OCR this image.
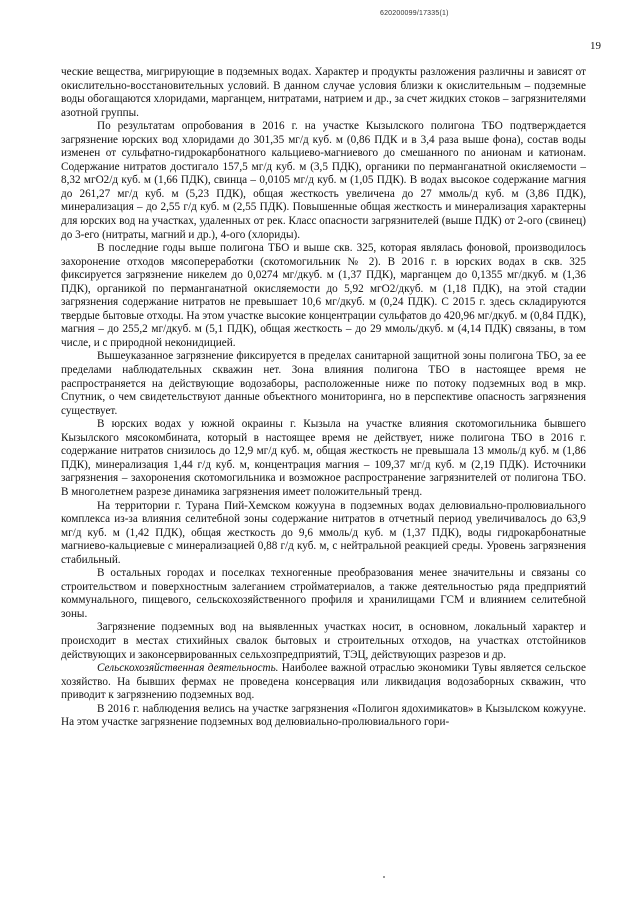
620200099/17335(1)
19

ческие вещества, мигрирующие в подземных водах. Характер и продукты разложения различны и зависят от окислительно-восстановительных условий. В данном случае условия близки к окислительным – подземные воды обогащаются хлоридами, марганцем, нитратами, натрием и др., за счет жидких стоков – загрязнителями азотной группы.

По результатам опробования в 2016 г. на участке Кызылского полигона ТБО подтверждается загрязнение юрских вод хлоридами до 301,35 мг/д куб. м (0,86 ПДК и в 3,4 раза выше фона), состав воды изменен от сульфатно-гидрокарбонатного кальциево-магниевого до смешанного по анионам и катионам. Содержание нитратов достигало 157,5 мг/д куб. м (3,5 ПДК), органики по перманганатной окисляемости – 8,32 мгО2/д куб. м (1,66 ПДК), свинца – 0,0105 мг/д куб. м (1,05 ПДК). В водах высокое содержание магния до 261,27 мг/д куб. м (5,23 ПДК), общая жесткость увеличена до 27 ммоль/д куб. м (3,86 ПДК), минерализация – до 2,55 г/д куб. м (2,55 ПДК). Повышенные общая жесткость и минерализация характерны для юрских вод на участках, удаленных от рек. Класс опасности загрязнителей (выше ПДК) от 2-ого (свинец) до 3-его (нитраты, магний и др.), 4-ого (хлориды).

В последние годы выше полигона ТБО и выше скв. 325, которая являлась фоновой, производилось захоронение отходов мясопереработки (скотомогильник № 2). В 2016 г. в юрских водах в скв. 325 фиксируется загрязнение никелем до 0,0274 мг/дкуб. м (1,37 ПДК), марганцем до 0,1355 мг/дкуб. м (1,36 ПДК), органикой по перманганатной окисляемости до 5,92 мгО2/дкуб. м (1,18 ПДК), на этой стадии загрязнения содержание нитратов не превышает 10,6 мг/дкуб. м (0,24 ПДК). С 2015 г. здесь складируются твердые бытовые отходы. На этом участке высокие концентрации сульфатов до 420,96 мг/дкуб. м (0,84 ПДК), магния – до 255,2 мг/дкуб. м (5,1 ПДК), общая жесткость – до 29 ммоль/дкуб. м (4,14 ПДК) связаны, в том числе, и с природной неконидицией.

Вышеуказанное загрязнение фиксируется в пределах санитарной защитной зоны полигона ТБО, за ее пределами наблюдательных скважин нет. Зона влияния полигона ТБО в настоящее время не распространяется на действующие водозаборы, расположенные ниже по потоку подземных вод в мкр. Спутник, о чем свидетельствуют данные объектного мониторинга, но в перспективе опасность загрязнения существует.

В юрских водах у южной окраины г. Кызыла на участке влияния скотомогильника бывшего Кызылского мясокомбината, который в настоящее время не действует, ниже полигона ТБО в 2016 г. содержание нитратов снизилось до 12,9 мг/д куб. м, общая жесткость не превышала 13 ммоль/д куб. м (1,86 ПДК), минерализация 1,44 г/д куб. м, концентрация магния – 109,37 мг/д куб. м (2,19 ПДК). Источники загрязнения – захоронения скотомогильника и возможное распространение загрязнителей от полигона ТБО. В многолетнем разрезе динамика загрязнения имеет положительный тренд.

На территории г. Турана Пий-Хемском кожууна в подземных водах делювиально-пролювиального комплекса из-за влияния селитебной зоны содержание нитратов в отчетный период увеличивалось до 63,9 мг/д куб. м (1,42 ПДК), общая жесткость до 9,6 ммоль/д куб. м (1,37 ПДК), воды гидрокарбонатные магниево-кальциевые с минерализацией 0,88 г/д куб. м, с нейтральной реакцией среды. Уровень загрязнения стабильный.

В остальных городах и поселках техногенные преобразования менее значительны и связаны со строительством и поверхностным залеганием стройматериалов, а также деятельностью ряда предприятий коммунального, пищевого, сельскохозяйственного профиля и хранилищами ГСМ и влиянием селитебной зоны.

Загрязнение подземных вод на выявленных участках носит, в основном, локальный характер и происходит в местах стихийных свалок бытовых и строительных отходов, на участках отстойников действующих и законсервированных сельхозпредприятий, ТЭЦ, действующих разрезов и др.

Сельскохозяйственная деятельность. Наиболее важной отраслью экономики Тувы является сельское хозяйство. На бывших фермах не проведена консервация или ликвидация водозаборных скважин, что приводит к загрязнению подземных вод.

В 2016 г. наблюдения велись на участке загрязнения «Полигон ядохимикатов» в Кызылском кожууне. На этом участке загрязнение подземных вод делювиально-пролювиального гори-
